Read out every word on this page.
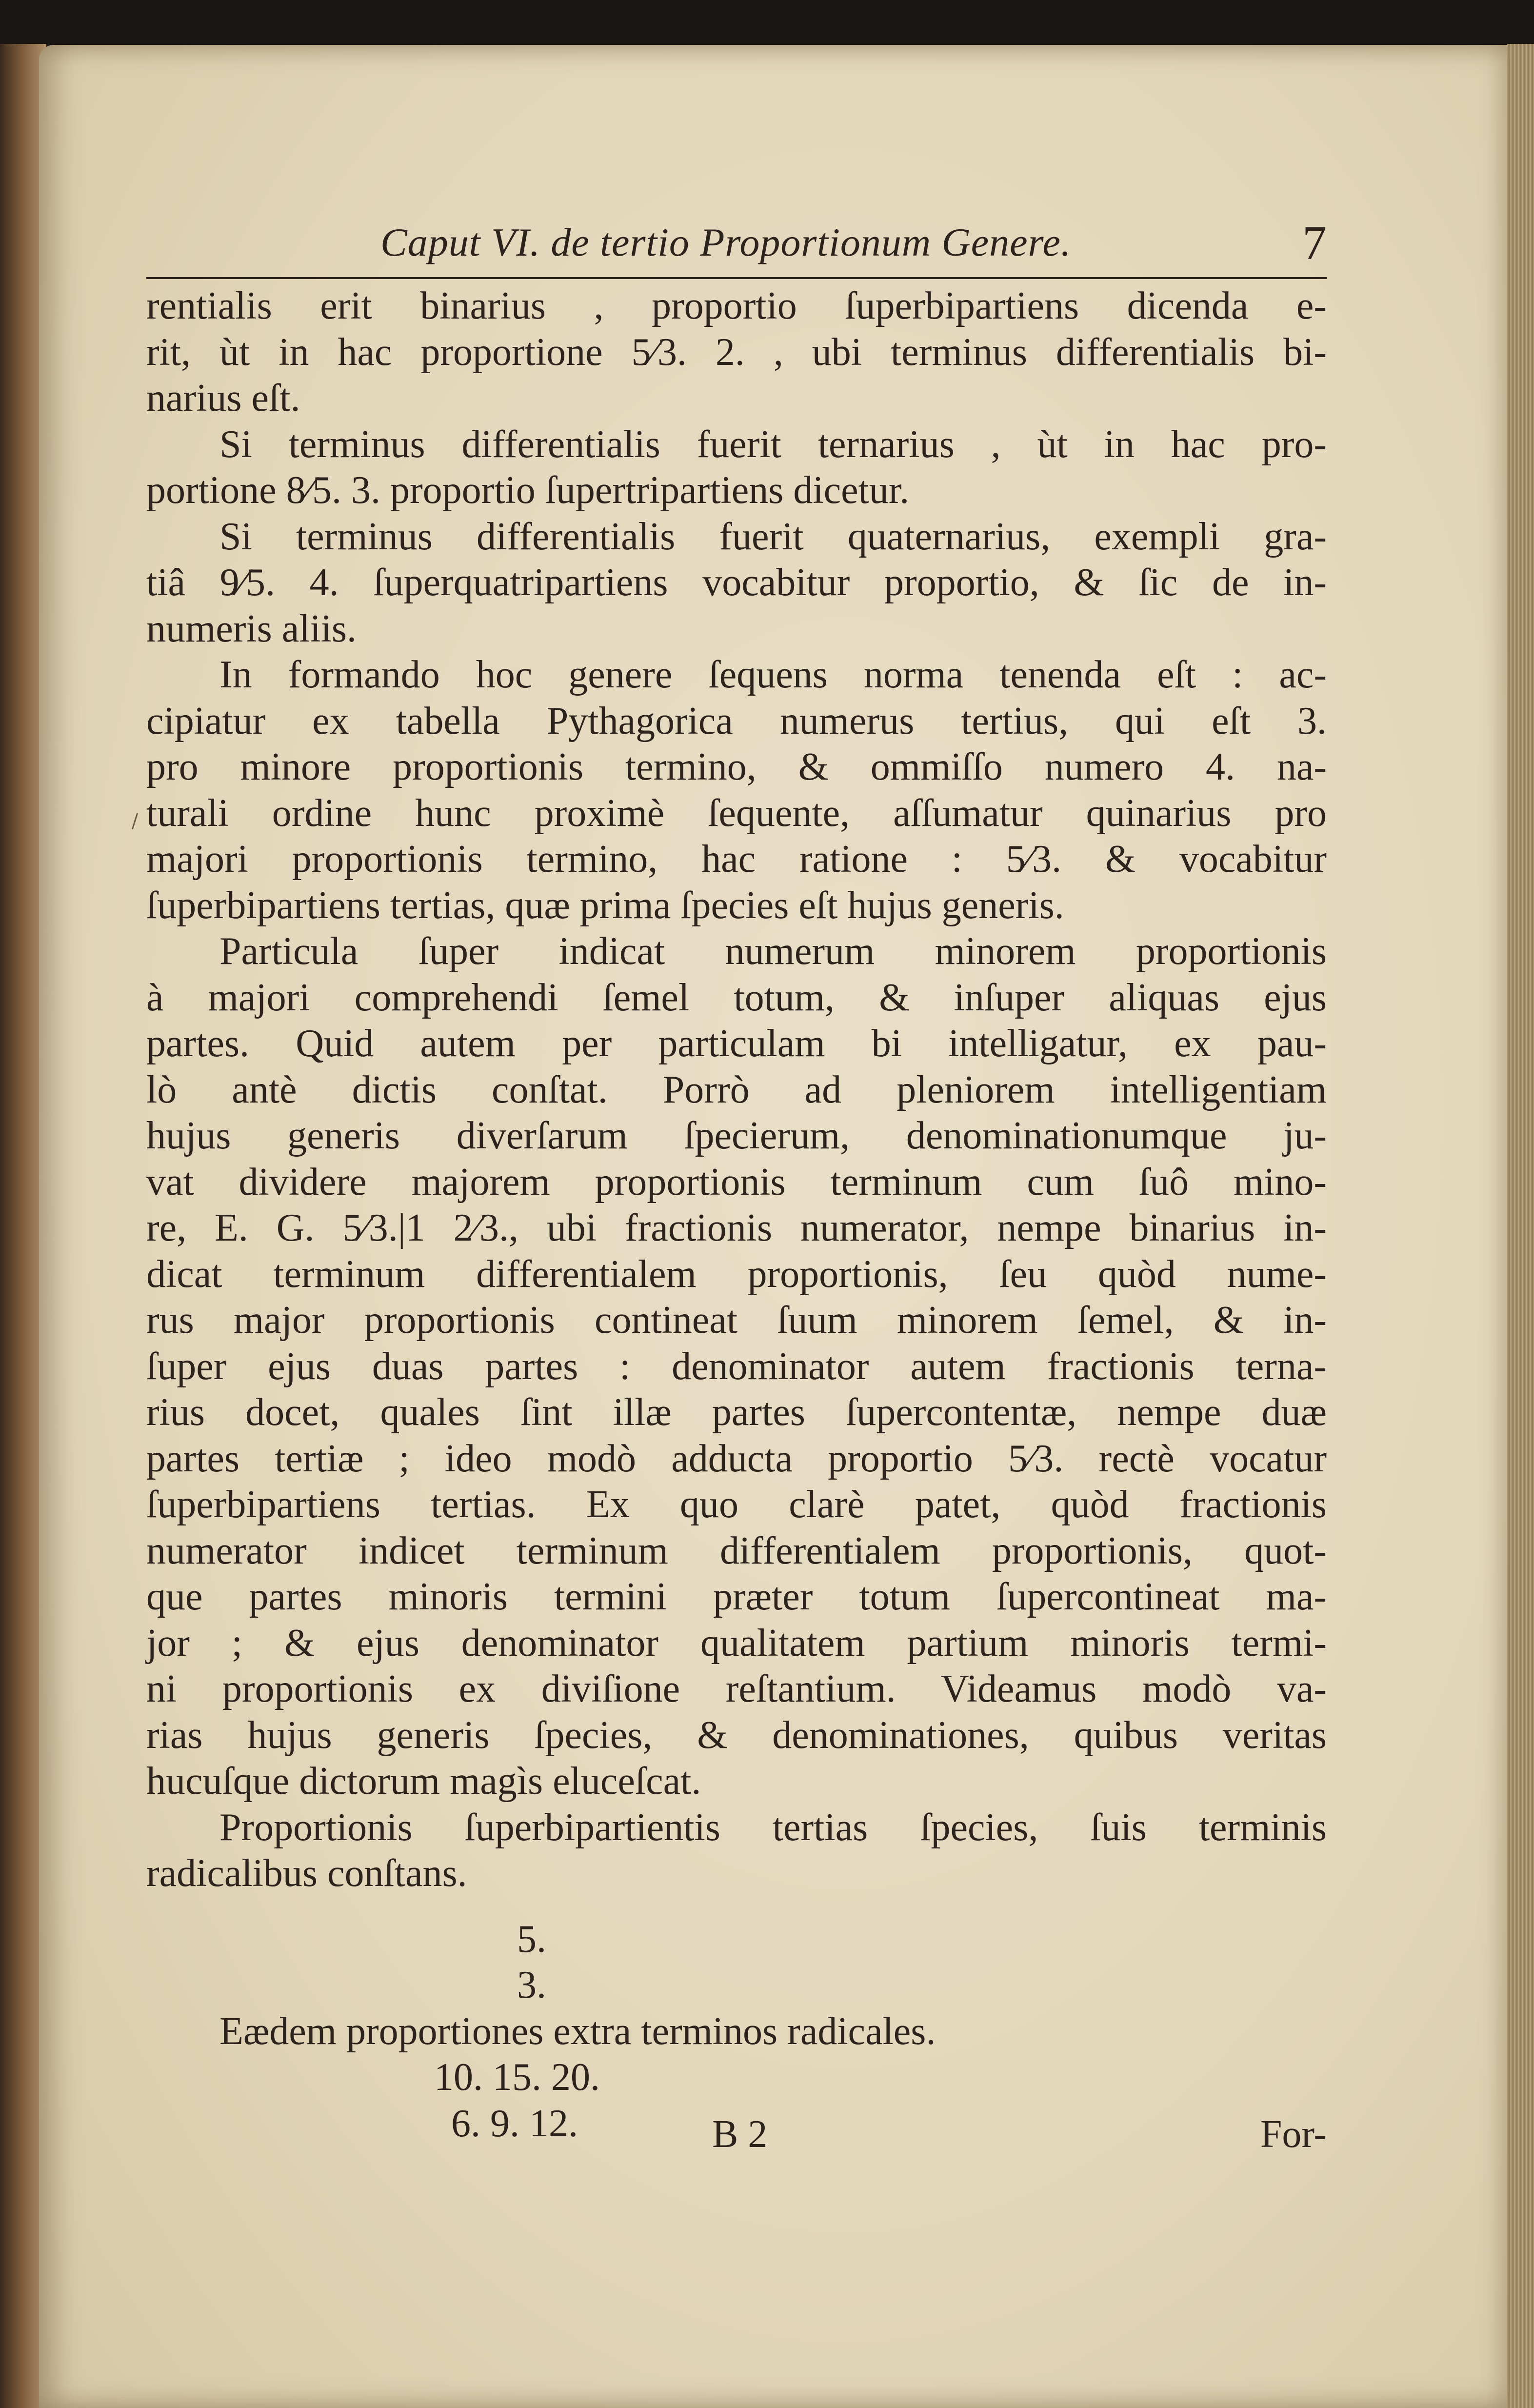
Caput VI. de tertio Proportionum Genere.	7

rentialis erit binarius , proportio ſuperbipartiens dicenda e-

rit, ùt in hac proportione 5⁄3. 2. , ubi terminus differentialis bi-

narius eſt.

Si terminus differentialis fuerit ternarius , ùt in hac pro-

portione 8⁄5. 3. proportio ſupertripartiens dicetur.

Si terminus differentialis fuerit quaternarius, exempli gra-

tiâ 9⁄5. 4. ſuperquatripartiens vocabitur proportio, & ſic de in-

numeris aliis.

In formando hoc genere ſequens norma tenenda eſt : ac-

cipiatur ex tabella Pythagorica numerus tertius, qui eſt 3.

pro minore proportionis termino, & ommiſſo numero 4. na-

turali ordine hunc proximè ſequente, aſſumatur quinarius pro

majori proportionis termino, hac ratione : 5⁄3. & vocabitur

ſuperbipartiens tertias, quæ prima ſpecies eſt hujus generis.

Particula ſuper indicat numerum minorem proportionis

à majori comprehendi ſemel totum, & inſuper aliquas ejus

partes. Quid autem per particulam bi intelligatur, ex pau-

lò antè dictis conſtat. Porrò ad pleniorem intelligentiam

hujus generis diverſarum ſpecierum, denominationumque ju-

vat dividere majorem proportionis terminum cum ſuô mino-

re, E. G. 5⁄3.|1 2⁄3., ubi fractionis numerator, nempe binarius in-

dicat terminum differentialem proportionis, ſeu quòd nume-

rus major proportionis contineat ſuum minorem ſemel, & in-

ſuper ejus duas partes : denominator autem fractionis terna-

rius docet, quales ſint illæ partes ſupercontentæ, nempe duæ

partes tertiæ ; ideo modò adducta proportio 5⁄3. rectè vocatur

ſuperbipartiens tertias. Ex quo clarè patet, quòd fractionis

numerator indicet terminum differentialem proportionis, quot-

que partes minoris termini præter totum ſupercontineat ma-

jor ; & ejus denominator qualitatem partium minoris termi-

ni proportionis ex diviſione reſtantium. Videamus modò va-

rias hujus generis ſpecies, & denominationes, quibus veritas

hucuſque dictorum magìs eluceſcat.

Proportionis ſuperbipartientis tertias ſpecies, ſuis terminis

radicalibus conſtans.

5.
3.
Eædem proportiones extra terminos radicales.
10. 15. 20.
6. 9. 12.	B 2	For-
\
